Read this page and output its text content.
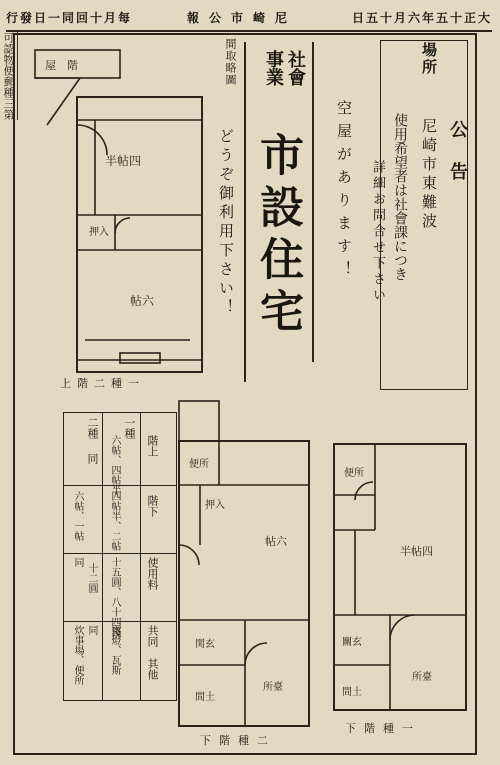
行發日一同回十月每	報公市崎尼	日五十月六年五十正大
可認物便郵種三第
公告
場所
尼崎市東難波
使用希望者は社會課につき
詳細お問合せ下さい
空屋があります！
社會
事業
市設住宅
間取略圖
どうぞ御利用下さい！
屋　階
半帖四
押入
帖六
上階二種一
階上
階下
使用料
共同　其他
一種
六帖、四帖半
四帖半、二帖
十五圓、八十四錢
電燈、瓦斯
二種
同
六帖、一帖
十二圓
同
同
炊事場、便所
便所
押入
帖六
関玄
間土
所臺
下階種二
便所
半帖四
關玄
間土
所臺
下階種一
